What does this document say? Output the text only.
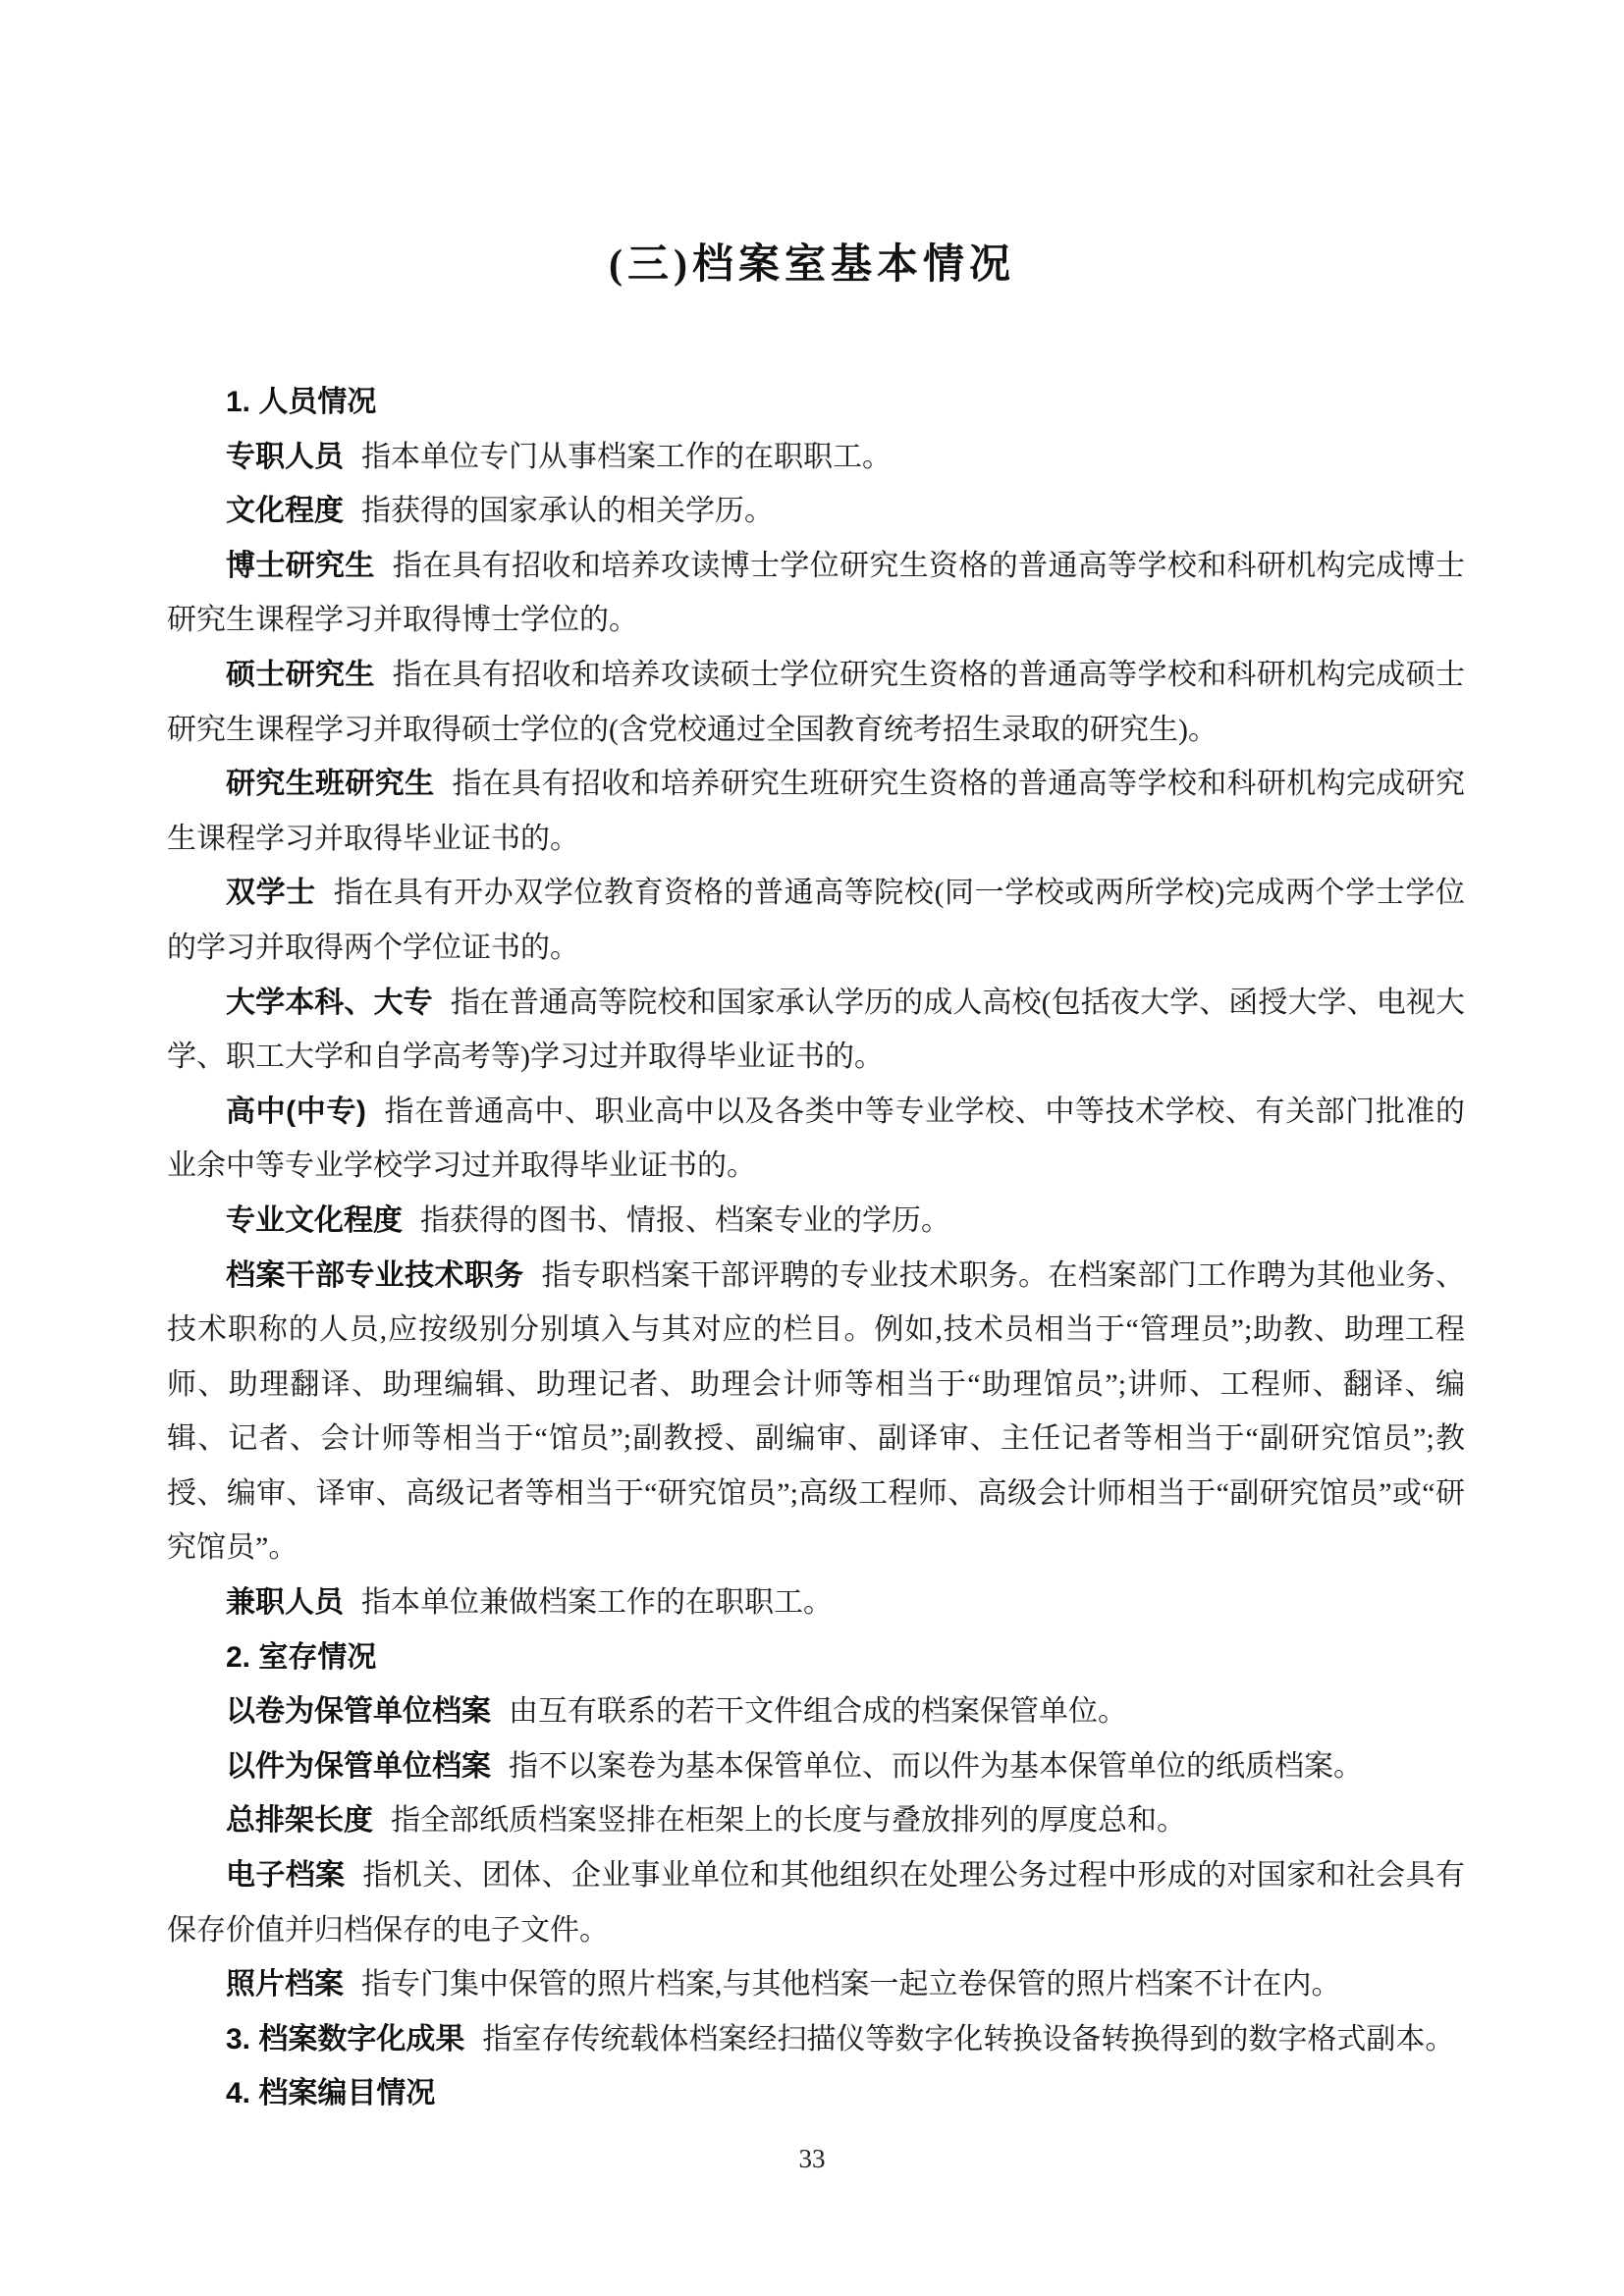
(三)档案室基本情况

1. 人员情况

专职人员 指本单位专门从事档案工作的在职职工。

文化程度 指获得的国家承认的相关学历。

博士研究生 指在具有招收和培养攻读博士学位研究生资格的普通高等学校和科研机构完成博士研究生课程学习并取得博士学位的。

硕士研究生 指在具有招收和培养攻读硕士学位研究生资格的普通高等学校和科研机构完成硕士研究生课程学习并取得硕士学位的(含党校通过全国教育统考招生录取的研究生)。

研究生班研究生 指在具有招收和培养研究生班研究生资格的普通高等学校和科研机构完成研究生课程学习并取得毕业证书的。

双学士 指在具有开办双学位教育资格的普通高等院校(同一学校或两所学校)完成两个学士学位的学习并取得两个学位证书的。

大学本科、大专 指在普通高等院校和国家承认学历的成人高校(包括夜大学、函授大学、电视大学、职工大学和自学高考等)学习过并取得毕业证书的。

高中(中专) 指在普通高中、职业高中以及各类中等专业学校、中等技术学校、有关部门批准的业余中等专业学校学习过并取得毕业证书的。

专业文化程度 指获得的图书、情报、档案专业的学历。

档案干部专业技术职务 指专职档案干部评聘的专业技术职务。在档案部门工作聘为其他业务、技术职称的人员,应按级别分别填入与其对应的栏目。例如,技术员相当于“管理员”;助教、助理工程师、助理翻译、助理编辑、助理记者、助理会计师等相当于“助理馆员”;讲师、工程师、翻译、编辑、记者、会计师等相当于“馆员”;副教授、副编审、副译审、主任记者等相当于“副研究馆员”;教授、编审、译审、高级记者等相当于“研究馆员”;高级工程师、高级会计师相当于“副研究馆员”或“研究馆员”。

兼职人员 指本单位兼做档案工作的在职职工。

2. 室存情况

以卷为保管单位档案 由互有联系的若干文件组合成的档案保管单位。

以件为保管单位档案 指不以案卷为基本保管单位、而以件为基本保管单位的纸质档案。

总排架长度 指全部纸质档案竖排在柜架上的长度与叠放排列的厚度总和。

电子档案 指机关、团体、企业事业单位和其他组织在处理公务过程中形成的对国家和社会具有保存价值并归档保存的电子文件。

照片档案 指专门集中保管的照片档案,与其他档案一起立卷保管的照片档案不计在内。

3. 档案数字化成果 指室存传统载体档案经扫描仪等数字化转换设备转换得到的数字格式副本。

4. 档案编目情况

33
